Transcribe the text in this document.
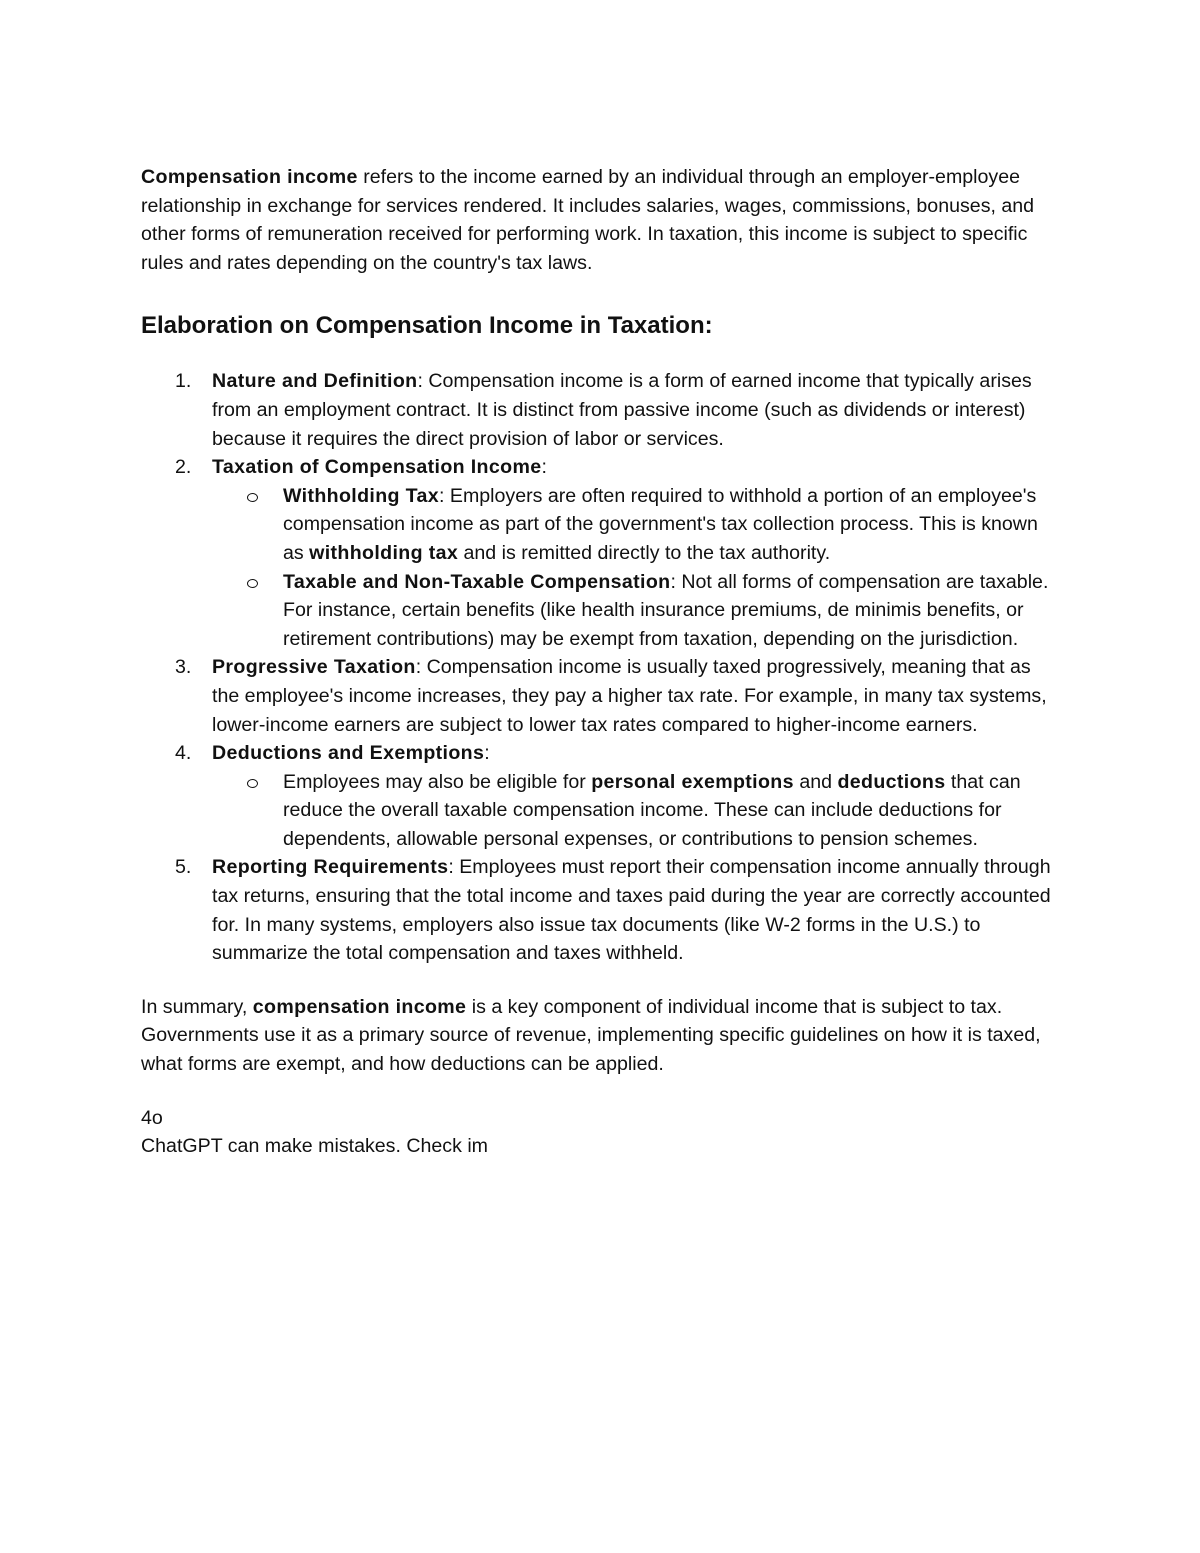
Compensation income refers to the income earned by an individual through an employer-employee relationship in exchange for services rendered. It includes salaries, wages, commissions, bonuses, and other forms of remuneration received for performing work. In taxation, this income is subject to specific rules and rates depending on the country's tax laws.

Elaboration on Compensation Income in Taxation:
1. Nature and Definition: Compensation income is a form of earned income that typically arises from an employment contract. It is distinct from passive income (such as dividends or interest) because it requires the direct provision of labor or services.
2. Taxation of Compensation Income:
Withholding Tax: Employers are often required to withhold a portion of an employee's compensation income as part of the government's tax collection process. This is known as withholding tax and is remitted directly to the tax authority.
Taxable and Non-Taxable Compensation: Not all forms of compensation are taxable. For instance, certain benefits (like health insurance premiums, de minimis benefits, or retirement contributions) may be exempt from taxation, depending on the jurisdiction.
3. Progressive Taxation: Compensation income is usually taxed progressively, meaning that as the employee's income increases, they pay a higher tax rate. For example, in many tax systems, lower-income earners are subject to lower tax rates compared to higher-income earners.
4. Deductions and Exemptions:
Employees may also be eligible for personal exemptions and deductions that can reduce the overall taxable compensation income. These can include deductions for dependents, allowable personal expenses, or contributions to pension schemes.
5. Reporting Requirements: Employees must report their compensation income annually through tax returns, ensuring that the total income and taxes paid during the year are correctly accounted for. In many systems, employers also issue tax documents (like W-2 forms in the U.S.) to summarize the total compensation and taxes withheld.

In summary, compensation income is a key component of individual income that is subject to tax. Governments use it as a primary source of revenue, implementing specific guidelines on how it is taxed, what forms are exempt, and how deductions can be applied.

4o

ChatGPT can make mistakes. Check im
